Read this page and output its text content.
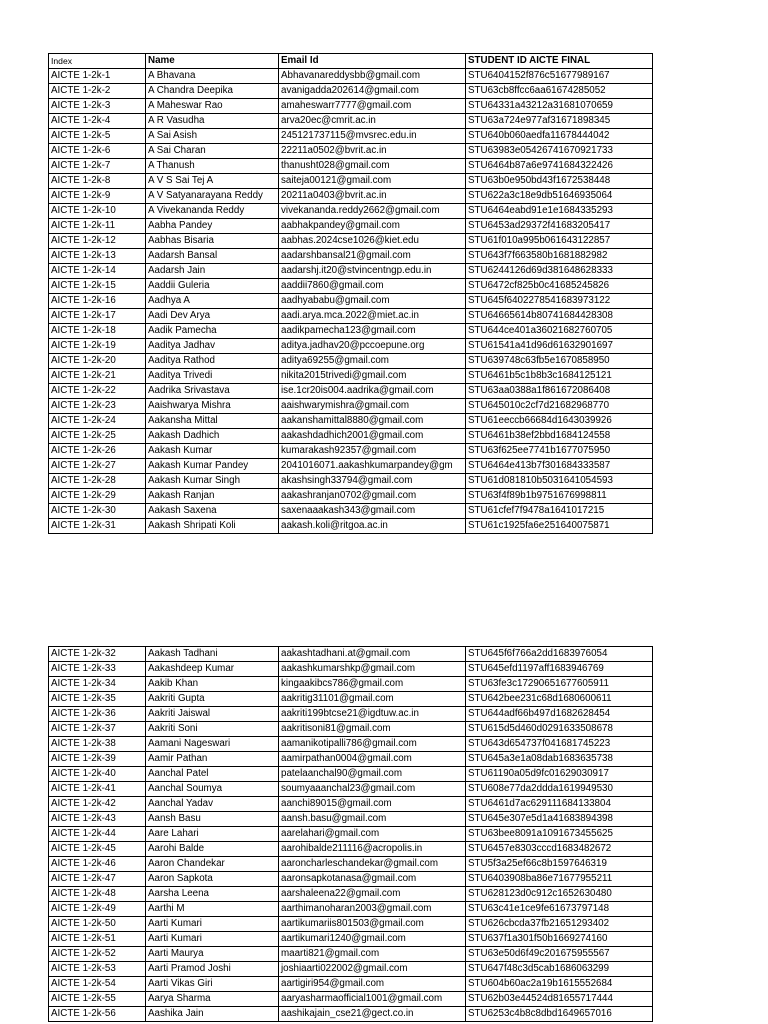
Index	Name	Email Id	STUDENT ID AICTE FINAL
AICTE 1-2k-1	A Bhavana	Abhavanareddysbb@gmail.com	STU6404152f876c51677989167
AICTE 1-2k-2	A Chandra Deepika	avanigadda202614@gmail.com	STU63cb8ffcc6aa61674285052
AICTE 1-2k-3	A Maheswar Rao	amaheswarr7777@gmail.com	STU64331a43212a31681070659
AICTE 1-2k-4	A R Vasudha	arva20ec@cmrit.ac.in	STU63a724e977af31671898345
AICTE 1-2k-5	A Sai Asish	245121737115@mvsrec.edu.in	STU640b060aedfa11678444042
AICTE 1-2k-6	A Sai Charan	22211a0502@bvrit.ac.in	STU63983e05426741670921733
AICTE 1-2k-7	A Thanush	thanusht028@gmail.com	STU6464b87a6e9741684322426
AICTE 1-2k-8	A V S Sai Tej A	saiteja00121@gmail.com	STU63b0e950bd43f1672538448
AICTE 1-2k-9	A V Satyanarayana Reddy	20211a0403@bvrit.ac.in	STU622a3c18e9db51646935064
AICTE 1-2k-10	A Vivekananda Reddy	vivekananda.reddy2662@gmail.com	STU6464eabd91e1e1684335293
AICTE 1-2k-11	Aabha Pandey	aabhakpandey@gmail.com	STU6453ad29372f41683205417
AICTE 1-2k-12	Aabhas Bisaria	aabhas.2024cse1026@kiet.edu	STU61f010a995b061643122857
AICTE 1-2k-13	Aadarsh Bansal	aadarshbansal21@gmail.com	STU643f7f663580b1681882982
AICTE 1-2k-14	Aadarsh Jain	aadarshj.it20@stvincentngp.edu.in	STU6244126d69d381648628333
AICTE 1-2k-15	Aaddii Guleria	aaddii7860@gmail.com	STU6472cf825b0c41685245826
AICTE 1-2k-16	Aadhya A	aadhyababu@gmail.com	STU645f6402278541683973122
AICTE 1-2k-17	Aadi Dev Arya	aadi.arya.mca.2022@miet.ac.in	STU64665614b80741684428308
AICTE 1-2k-18	Aadik Pamecha	aadikpamecha123@gmail.com	STU644ce401a36021682760705
AICTE 1-2k-19	Aaditya Jadhav	aditya.jadhav20@pccoepune.org	STU61541a41d96d61632901697
AICTE 1-2k-20	Aaditya Rathod	aditya69255@gmail.com	STU639748c63fb5e1670858950
AICTE 1-2k-21	Aaditya Trivedi	nikita2015trivedi@gmail.com	STU6461b5c1b8b3c1684125121
AICTE 1-2k-22	Aadrika Srivastava	ise.1cr20is004.aadrika@gmail.com	STU63aa0388a1f861672086408
AICTE 1-2k-23	Aaishwarya Mishra	aaishwarymishra@gmail.com	STU645010c2cf7d21682968770
AICTE 1-2k-24	Aakansha Mittal	aakanshamittal8880@gmail.com	STU61eeccb66684d1643039926
AICTE 1-2k-25	Aakash Dadhich	aakashdadhich2001@gmail.com	STU6461b38ef2bbd1684124558
AICTE 1-2k-26	Aakash Kumar	kumarakash92357@gmail.com	STU63f625ee7741b1677075950
AICTE 1-2k-27	Aakash Kumar Pandey	2041016071.aakashkumarpandey@gm	STU6464e413b7f301684333587
AICTE 1-2k-28	Aakash Kumar Singh	akashsingh33794@gmail.com	STU61d081810b5031641054593
AICTE 1-2k-29	Aakash Ranjan	aakashranjan0702@gmail.com	STU63f4f89b1b9751676998811
AICTE 1-2k-30	Aakash Saxena	saxenaaakash343@gmail.com	STU61cfef7f9478a1641017215
AICTE 1-2k-31	Aakash Shripati Koli	aakash.koli@ritgoa.ac.in	STU61c1925fa6e251640075871
AICTE 1-2k-32	Aakash Tadhani	aakashtadhani.at@gmail.com	STU645f6f766a2dd1683976054
AICTE 1-2k-33	Aakashdeep Kumar	aakashkumarshkp@gmail.com	STU645efd1197aff1683946769
AICTE 1-2k-34	Aakib Khan	kingaakibcs786@gmail.com	STU63fe3c17290651677605911
AICTE 1-2k-35	Aakriti Gupta	aakritig31101@gmail.com	STU642bee231c68d1680600611
AICTE 1-2k-36	Aakriti Jaiswal	aakriti199btcse21@igdtuw.ac.in	STU644adf66b497d1682628454
AICTE 1-2k-37	Aakriti Soni	aakritisoni81@gmail.com	STU615d5d460d0291633508678
AICTE 1-2k-38	Aamani Nageswari	aamanikotipalli786@gmail.com	STU643d654737f041681745223
AICTE 1-2k-39	Aamir Pathan	aamirpathan0004@gmail.com	STU645a3e1a08dab1683635738
AICTE 1-2k-40	Aanchal Patel	patelaanchal90@gmail.com	STU61190a05d9fc01629030917
AICTE 1-2k-41	Aanchal Soumya	soumyaaanchal23@gmail.com	STU608e77da2ddda1619949530
AICTE 1-2k-42	Aanchal Yadav	aanchi89015@gmail.com	STU6461d7ac629111684133804
AICTE 1-2k-43	Aansh Basu	aansh.basu@gmail.com	STU645e307e5d1a41683894398
AICTE 1-2k-44	Aare Lahari	aarelahari@gmail.com	STU63bee8091a1091673455625
AICTE 1-2k-45	Aarohi Balde	aarohibalde211116@acropolis.in	STU6457e8303cccd1683482672
AICTE 1-2k-46	Aaron Chandekar	aaroncharleschandekar@gmail.com	STU5f3a25ef66c8b1597646319
AICTE 1-2k-47	Aaron Sapkota	aaronsapkotanasa@gmail.com	STU6403908ba86e71677955211
AICTE 1-2k-48	Aarsha Leena	aarshaleena22@gmail.com	STU628123d0c912c1652630480
AICTE 1-2k-49	Aarthi M	aarthimanoharan2003@gmail.com	STU63c41e1ce9fe61673797148
AICTE 1-2k-50	Aarti Kumari	aartikumariis801503@gmail.com	STU626cbcda37fb21651293402
AICTE 1-2k-51	Aarti Kumari	aartikumari1240@gmail.com	STU637f1a301f50b1669274160
AICTE 1-2k-52	Aarti Maurya	maarti821@gmail.com	STU63e50d6f49c201675955567
AICTE 1-2k-53	Aarti Pramod Joshi	joshiaarti022002@gmail.com	STU647f48c3d5cab1686063299
AICTE 1-2k-54	Aarti Vikas Giri	aartigiri954@gmail.com	STU604b60ac2a19b1615552684
AICTE 1-2k-55	Aarya Sharma	aaryasharmaofficial1001@gmail.com	STU62b03e44524d81655717444
AICTE 1-2k-56	Aashika Jain	aashikajain_cse21@gect.co.in	STU6253c4b8c8dbd1649657016
